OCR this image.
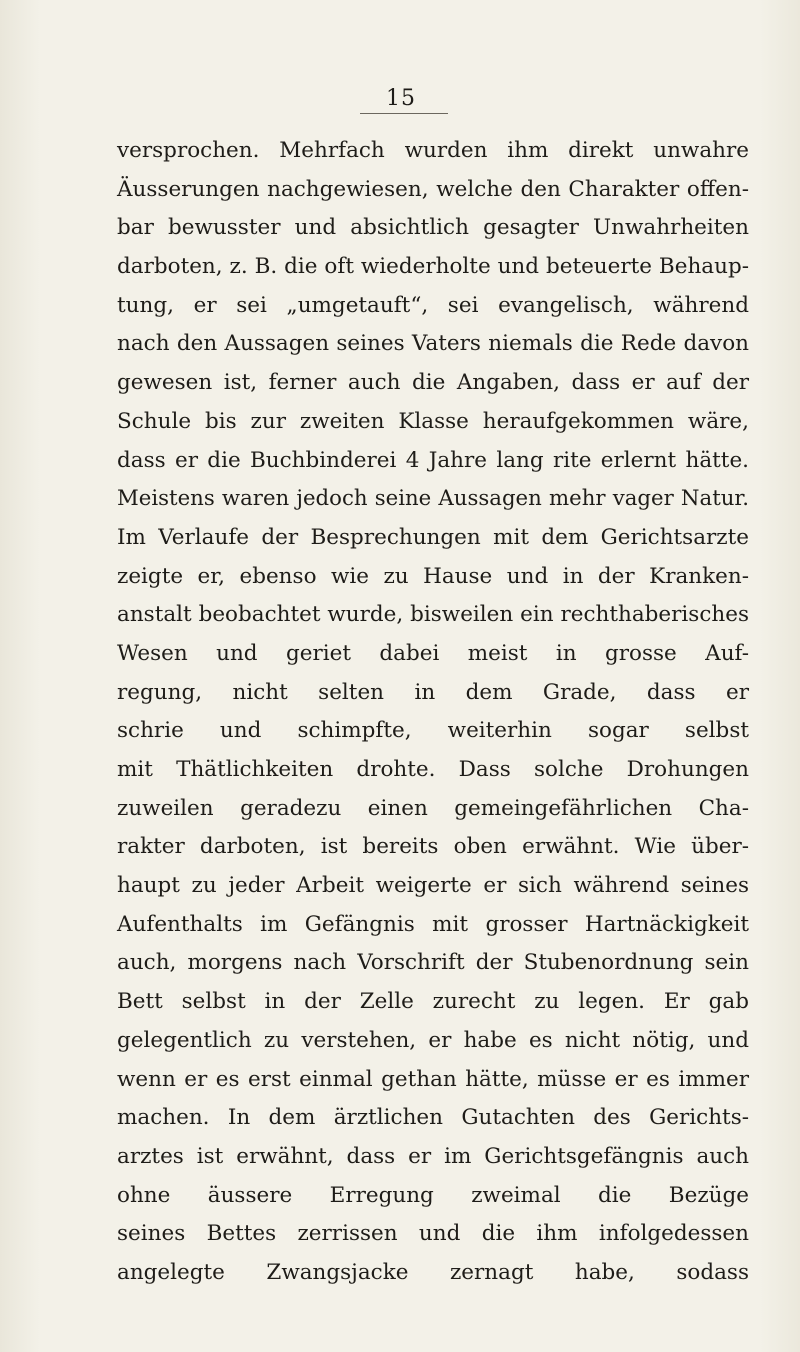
15
versprochen. Mehrfach wurden ihm direkt unwahre
Äusserungen nachgewiesen, welche den Charakter offen-
bar bewusster und absichtlich gesagter Unwahrheiten
darboten, z. B. die oft wiederholte und beteuerte Behaup-
tung, er sei „umgetauft“, sei evangelisch, während
nach den Aussagen seines Vaters niemals die Rede davon
gewesen ist, ferner auch die Angaben, dass er auf der
Schule bis zur zweiten Klasse heraufgekommen wäre,
dass er die Buchbinderei 4 Jahre lang rite erlernt hätte.
Meistens waren jedoch seine Aussagen mehr vager Natur.
Im Verlaufe der Besprechungen mit dem Gerichtsarzte
zeigte er, ebenso wie zu Hause und in der Kranken-
anstalt beobachtet wurde, bisweilen ein rechthaberisches
Wesen und geriet dabei meist in grosse Auf-
regung, nicht selten in dem Grade, dass er
schrie und schimpfte, weiterhin sogar selbst
mit Thätlichkeiten drohte. Dass solche Drohungen
zuweilen geradezu einen gemeingefährlichen Cha-
rakter darboten, ist bereits oben erwähnt. Wie über-
haupt zu jeder Arbeit weigerte er sich während seines
Aufenthalts im Gefängnis mit grosser Hartnäckigkeit
auch, morgens nach Vorschrift der Stubenordnung sein
Bett selbst in der Zelle zurecht zu legen. Er gab
gelegentlich zu verstehen, er habe es nicht nötig, und
wenn er es erst einmal gethan hätte, müsse er es immer
machen. In dem ärztlichen Gutachten des Gerichts-
arztes ist erwähnt, dass er im Gerichtsgefängnis auch
ohne äussere Erregung zweimal die Bezüge
seines Bettes zerrissen und die ihm infolgedessen
angelegte Zwangsjacke zernagt habe, sodass
